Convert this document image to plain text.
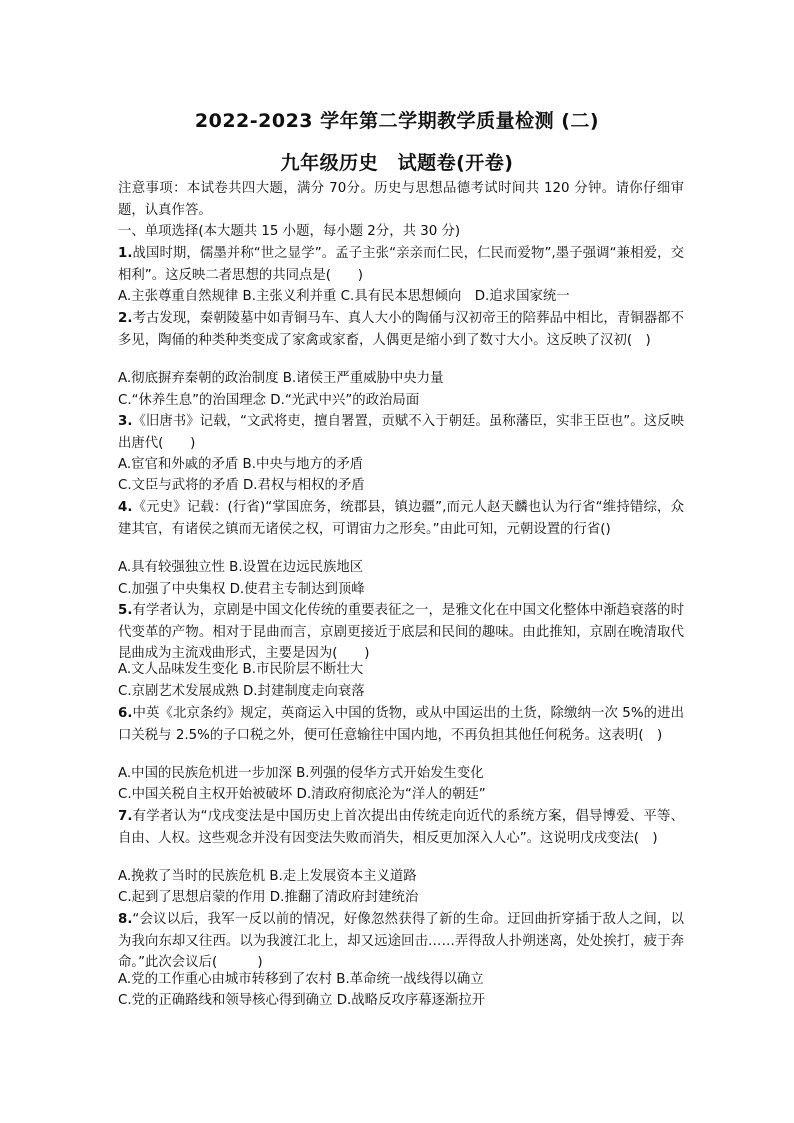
2022-2023 学年第二学期教学质量检测 (二)
九年级历史　试题卷(开卷)
注意事项：本试卷共四大题，满分 70分。历史与思想品德考试时间共 120 分钟。请你仔细审题，认真作答。
一、单项选择(本大题共 15 小题，每小题 2分，共 30 分)
1.战国时期，儒墨并称“世之显学”。孟子主张“亲亲而仁民，仁民而爱物”,墨子强调“兼相爱，交相利”。这反映二者思想的共同点是(　　)
A.主张尊重自然规律 B.主张义利并重 C.具有民本思想倾向　D.追求国家统一
2.考古发现，秦朝陵墓中如青铜马车、真人大小的陶俑与汉初帝王的陪葬品中相比，青铜器都不多见，陶俑的种类种类变成了家禽或家畜，人偶更是缩小到了数寸大小。这反映了汉初(　)
A.彻底摒弃秦朝的政治制度 B.诸侯王严重威胁中央力量
C.“休养生息”的治国理念 D.“光武中兴”的政治局面
3.《旧唐书》记载，“文武将吏，擅自署置，贡赋不入于朝廷。虽称藩臣，实非王臣也”。这反映出唐代(　　)
A.宦官和外戚的矛盾 B.中央与地方的矛盾
C.文臣与武将的矛盾 D.君权与相权的矛盾
4.《元史》记载：(行省)“掌国庶务，统郡县，镇边疆”,而元人赵天麟也认为行省“维持错综，众建其官，有诸侯之镇而无诸侯之权，可谓宙力之形矣。”由此可知，元朝设置的行省()
A.具有较强独立性 B.设置在边远民族地区
C.加强了中央集权 D.使君主专制达到顶峰
5.有学者认为，京剧是中国文化传统的重要表征之一，是雅文化在中国文化整体中渐趋衰落的时代变革的产物。相对于昆曲而言，京剧更接近于底层和民间的趣味。由此推知，京剧在晚清取代昆曲成为主流戏曲形式，主要是因为(　　)
A.文人品味发生变化 B.市民阶层不断壮大
C.京剧艺术发展成熟 D.封建制度走向衰落
6.中英《北京条约》规定，英商运入中国的货物，或从中国运出的土货，除缴纳一次 5%的进出口关税与 2.5%的子口税之外，便可任意输往中国内地，不再负担其他任何税务。这表明(　)
A.中国的民族危机进一步加深 B.列强的侵华方式开始发生变化
C.中国关税自主权开始被破坏 D.清政府彻底沦为“洋人的朝廷”
7.有学者认为“戊戌变法是中国历史上首次提出由传统走向近代的系统方案，倡导博爱、平等、自由、人权。这些观念并没有因变法失败而消失，相反更加深入人心”。这说明戊戌变法(　)
A.挽救了当时的民族危机 B.走上发展资本主义道路
C.起到了思想启蒙的作用 D.推翻了清政府封建统治
8.“会议以后，我军一反以前的情况，好像忽然获得了新的生命。迂回曲折穿插于敌人之间，以为我向东却又往西。以为我渡江北上，却又远途回击……弄得敌人扑朔迷离，处处挨打，疲于奔命。”此次会议后(　　　)
A.党的工作重心由城市转移到了农村 B.革命统一战线得以确立
C.党的正确路线和领导核心得到确立 D.战略反攻序幕逐渐拉开
